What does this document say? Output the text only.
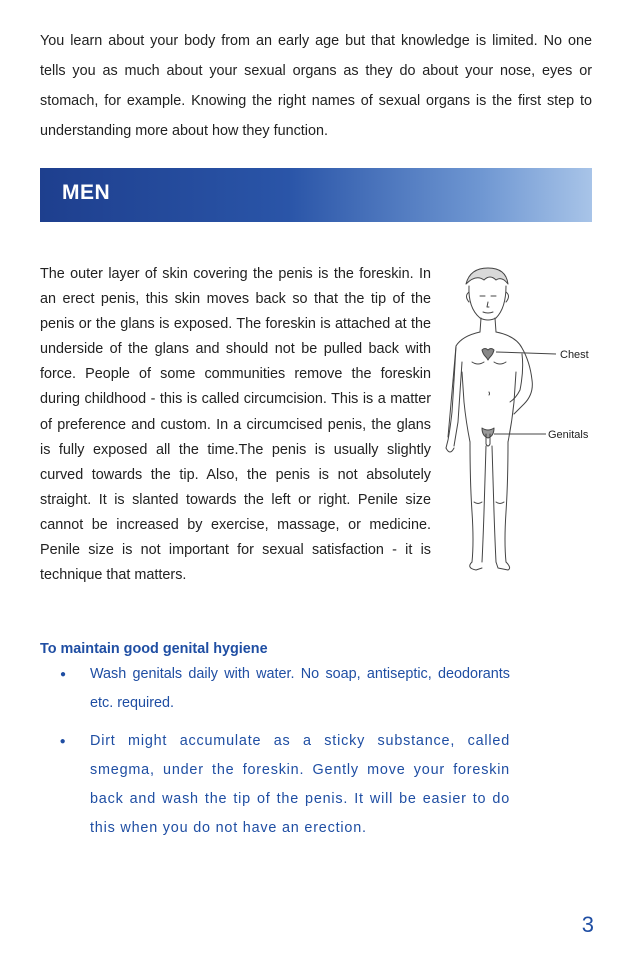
You learn about your body from an early age but that knowledge is limited. No one tells you as much about your sexual organs as they do about your nose, eyes or stomach, for example. Knowing the right names of sexual organs is the first step to understanding more about how they function.

MEN

The outer layer of skin covering the penis is the foreskin. In an erect penis, this skin moves back so that the tip of the penis or the glans is exposed. The foreskin is attached at the underside of the glans and should not be pulled back with force. People of some communities remove the foreskin during childhood - this is called circumcision. This is a matter of preference and custom. In a circumcised penis, the glans is fully exposed all the time.The penis is usually slightly curved towards the tip. Also, the penis is not absolutely straight. It is slanted towards the left or right. Penile size cannot be increased by exercise, massage, or medicine. Penile size is not important for sexual satisfaction - it is technique that matters.

Chest
Genitals

To maintain good genital hygiene

● Wash genitals daily with water. No soap, antiseptic, deodorants etc. required.
● Dirt might accumulate as a sticky substance, called smegma, under the foreskin. Gently move your foreskin back and wash the tip of the penis. It will be easier to do this when you do not have an erection.

3
